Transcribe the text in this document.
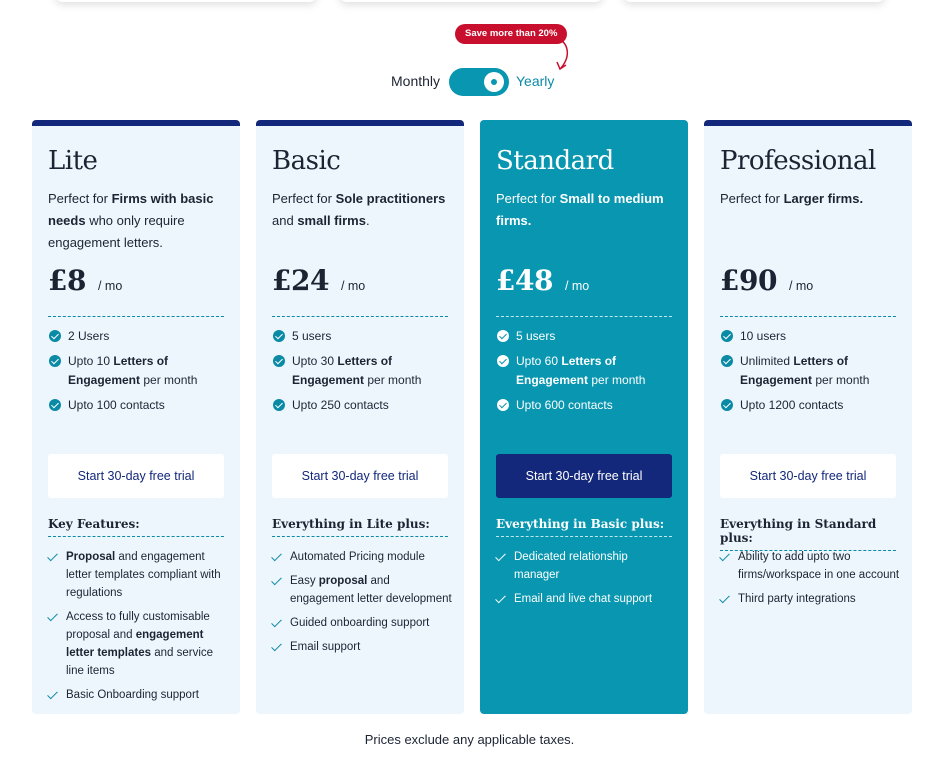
Save more than 20%
Monthly	Yearly
Lite

Perfect for Firms with basic needs who only require engagement letters.

£8 / mo
2 Users
Upto 10 Letters of Engagement per month
Upto 100 contacts
Start 30-day free trial
Key Features:
Proposal and engagement letter templates compliant with regulations
Access to fully customisable proposal and engagement letter templates and service line items
Basic Onboarding support
Basic

Perfect for Sole practitioners and small firms.

£24 / mo
5 users
Upto 30 Letters of Engagement per month
Upto 250 contacts
Start 30-day free trial
Everything in Lite plus:
Automated Pricing module
Easy proposal and engagement letter development
Guided onboarding support
Email support
Standard

Perfect for Small to medium firms.

£48 / mo
5 users
Upto 60 Letters of Engagement per month
Upto 600 contacts
Start 30-day free trial
Everything in Basic plus:
Dedicated relationship manager
Email and live chat support
Professional

Perfect for Larger firms.

£90 / mo
10 users
Unlimited Letters of Engagement per month
Upto 1200 contacts
Start 30-day free trial
Everything in Standard plus:
Ability to add upto two firms/workspace in one account
Third party integrations
Prices exclude any applicable taxes.
